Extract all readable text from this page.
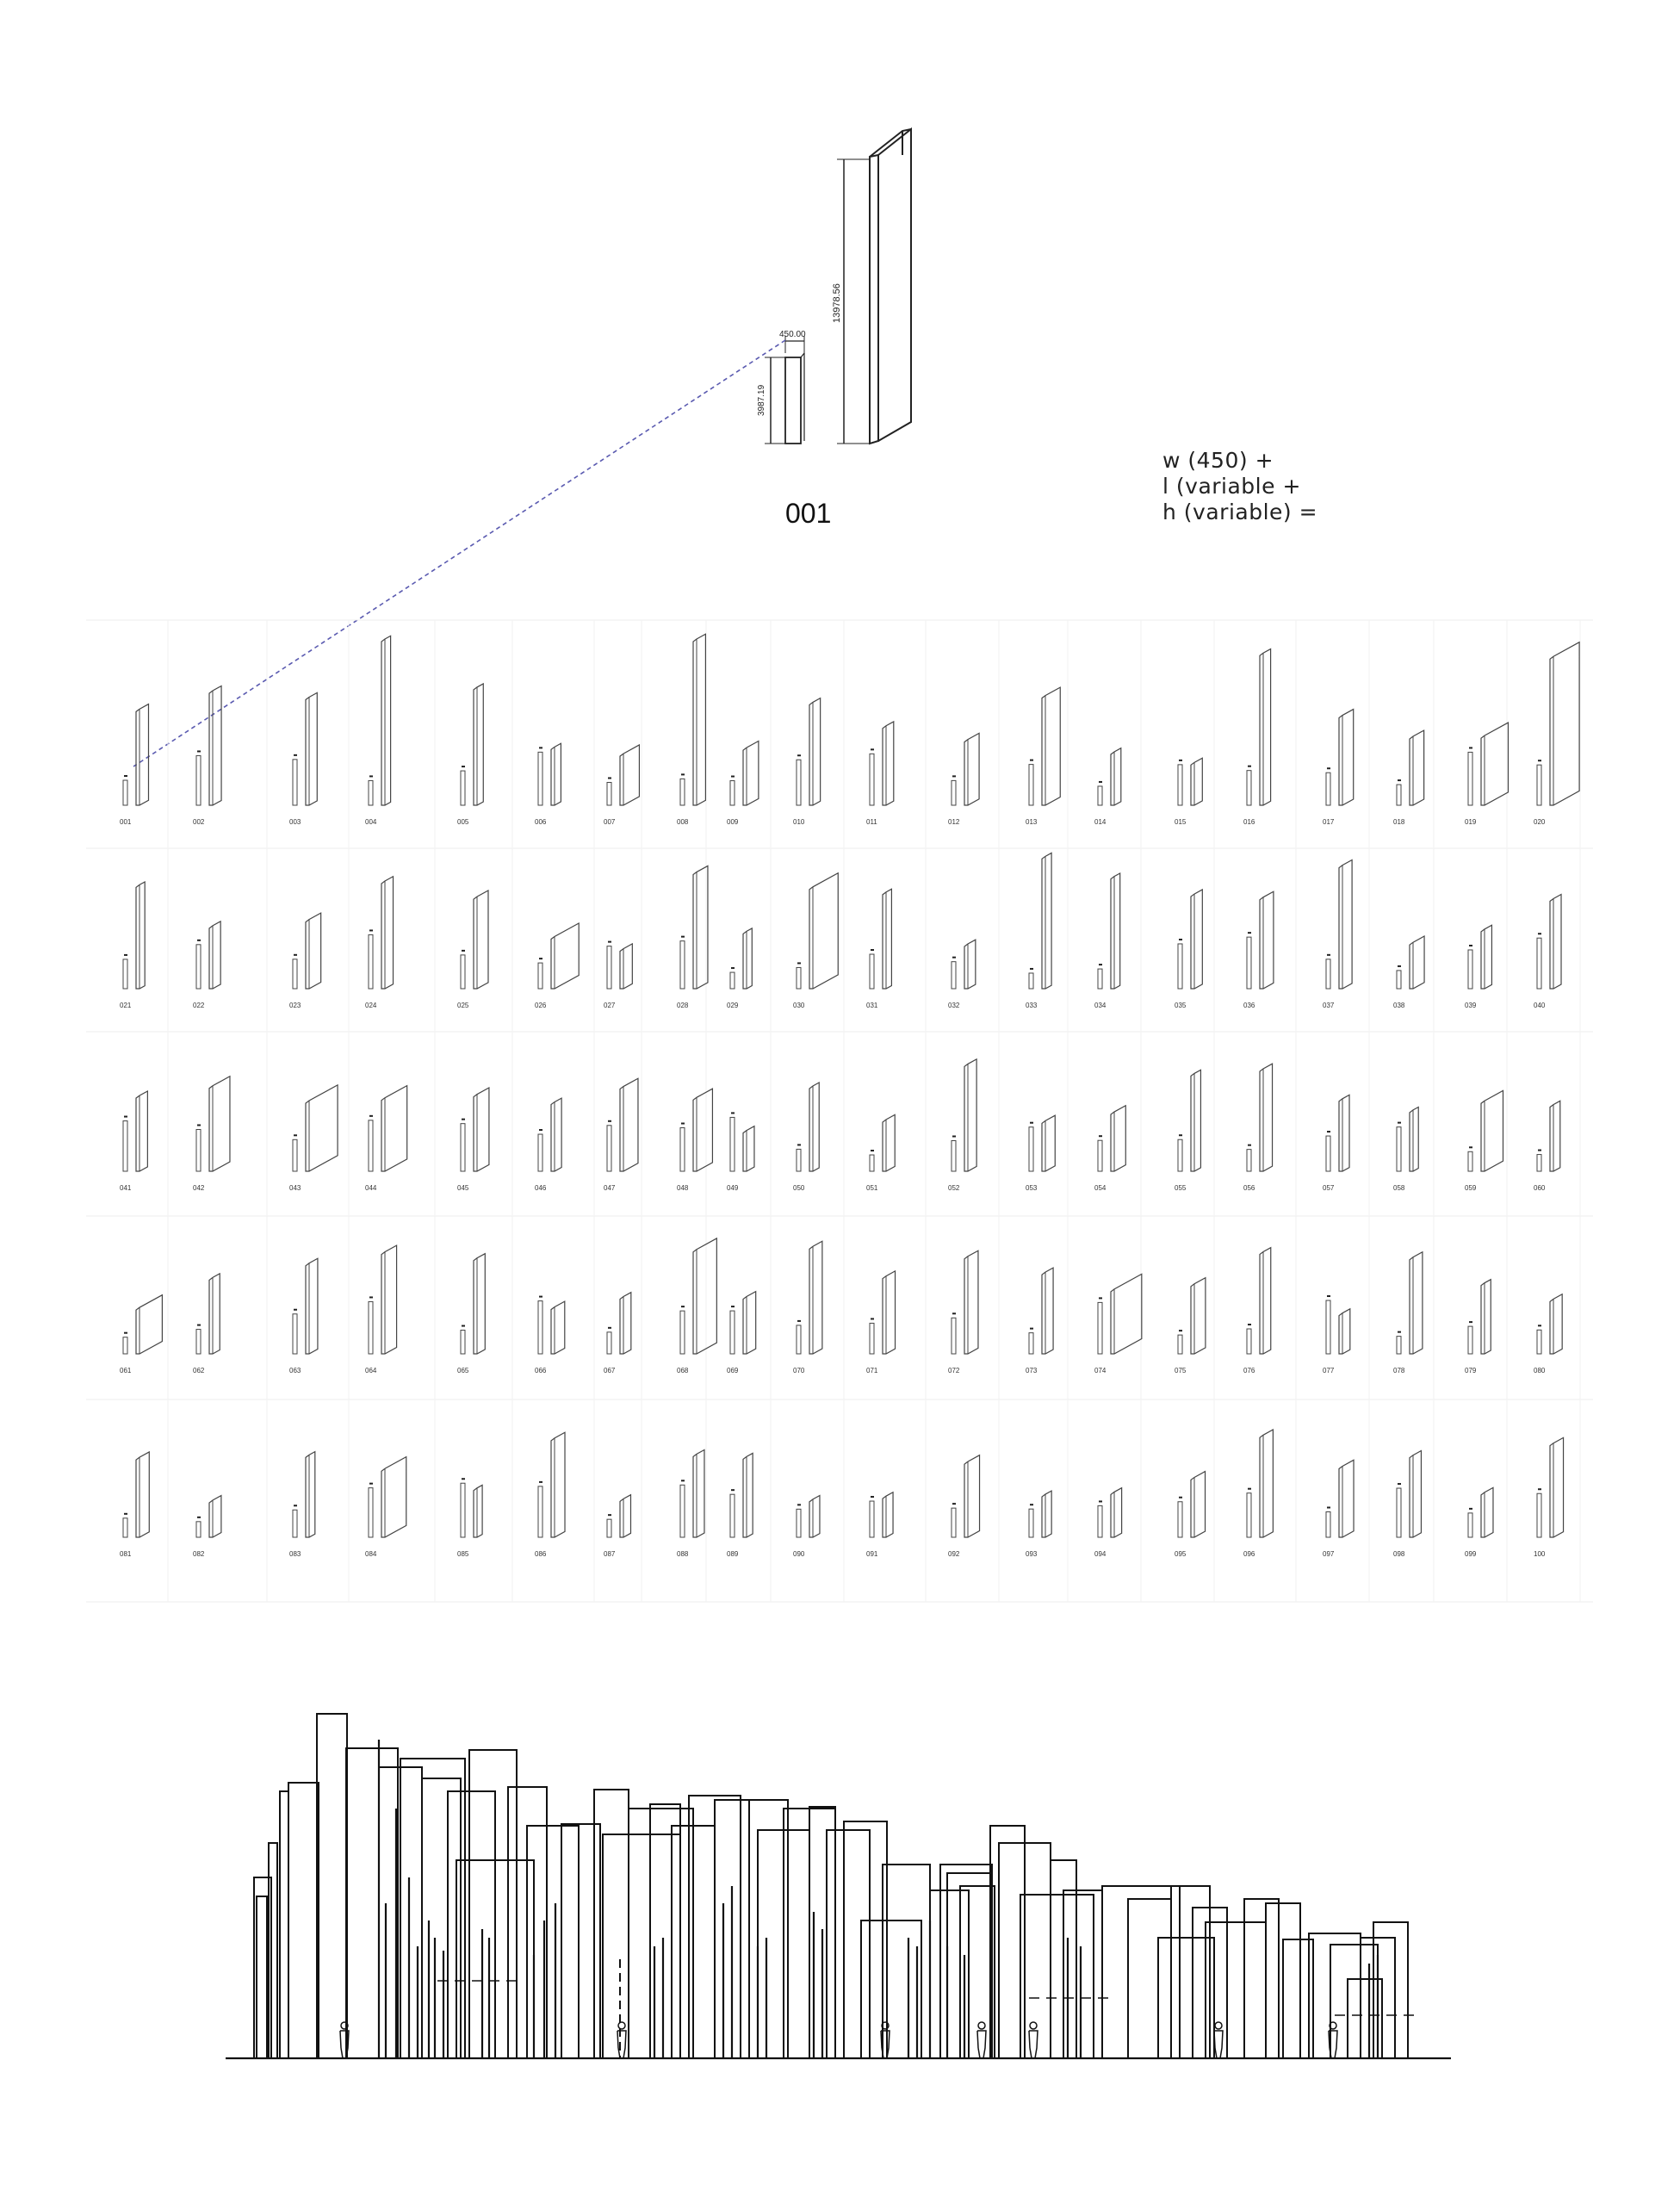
13978.56
3987.19
450.00
001	002	003	004	005	006	007	008	009	010	011	012	013	014	015	016	017	018	019	020
021	022	023	024	025	026	027	028	029	030	031	032	033	034	035	036	037	038	039	040
041	042	043	044	045	046	047	048	049	050	051	052	053	054	055	056	057	058	059	060
061	062	063	064	065	066	067	068	069	070	071	072	073	074	075	076	077	078	079	080
081	082	083	084	085	086	087	088	089	090	091	092	093	094	095	096	097	098	099	100
001
w (450) +
l (variable +
h (variable) =
